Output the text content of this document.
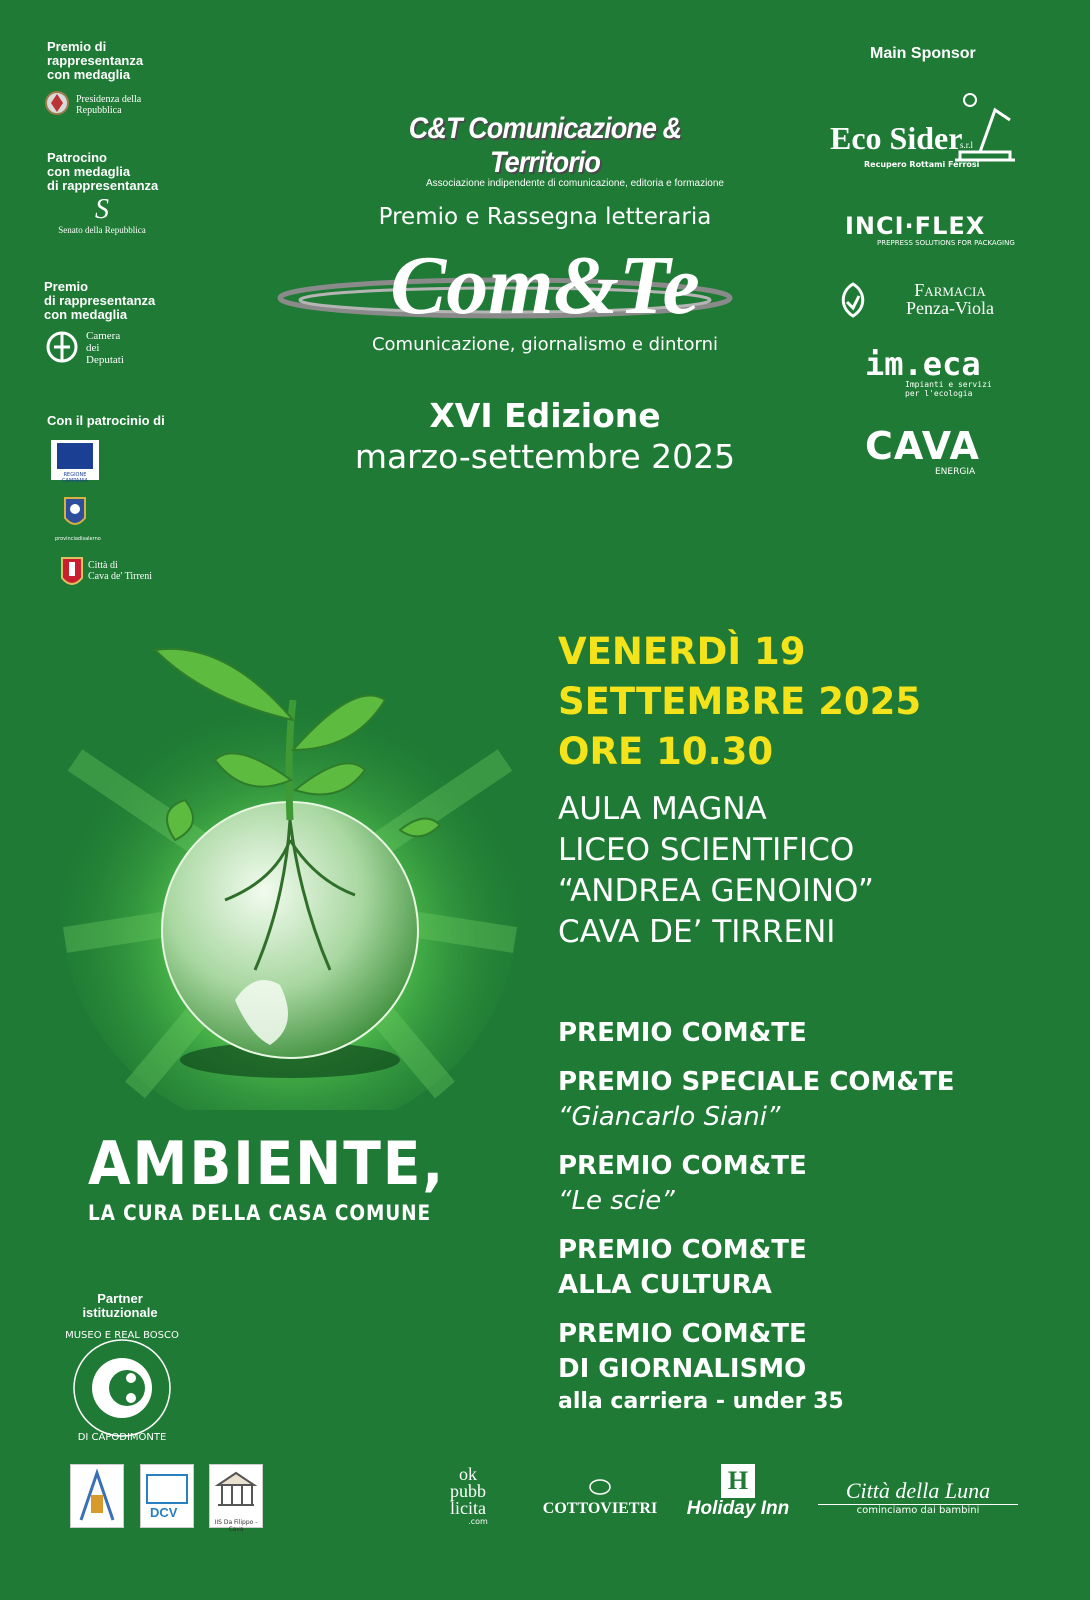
Premio di
rappresentanza
con medaglia
Presidenza della
Repubblica
Patrocino
con medaglia
di rappresentanza
S
Senato della Repubblica
Premio
di rappresentanza
con medaglia
Camera
dei
Deputati
Con il patrocinio di
REGIONE CAMPANIA
provinciadisalerno
Città di
Cava de' Tirreni
C&T Comunicazione & Territorio
Associazione indipendente di comunicazione, editoria e formazione
Premio e Rassegna letteraria
Com&Te
Comunicazione, giornalismo e dintorni
XVI Edizione
marzo-settembre 2025
Main Sponsor
Eco Sider
s.r.l
Recupero Rottami Ferrosi
INCI·FLEX
PREPRESS SOLUTIONS FOR PACKAGING
Farmacia
Penza-Viola
im.eca
Impianti e servizi
per l'ecologia
CAVA
ENERGIA
AMBIENTE,
LA CURA DELLA CASA COMUNE
VENERDÌ 19
SETTEMBRE 2025
ORE 10.30
AULA MAGNA
LICEO SCIENTIFICO
“ANDREA GENOINO”
CAVA DE’ TIRRENI
PREMIO COM&TE
PREMIO SPECIALE COM&TE
“Giancarlo Siani”
PREMIO COM&TE
“Le scie”
PREMIO COM&TE
ALLA CULTURA
PREMIO COM&TE
DI GIORNALISMO
alla carriera - under 35
Partner
istituzionale
MUSEO E REAL BOSCO
DI CAPODIMONTE
DCV
IIS Da Filippo - Cava
ok
pubb
licita
.com
COTTOVIETRI
H
Holiday Inn
Città della Luna
cominciamo dai bambini
